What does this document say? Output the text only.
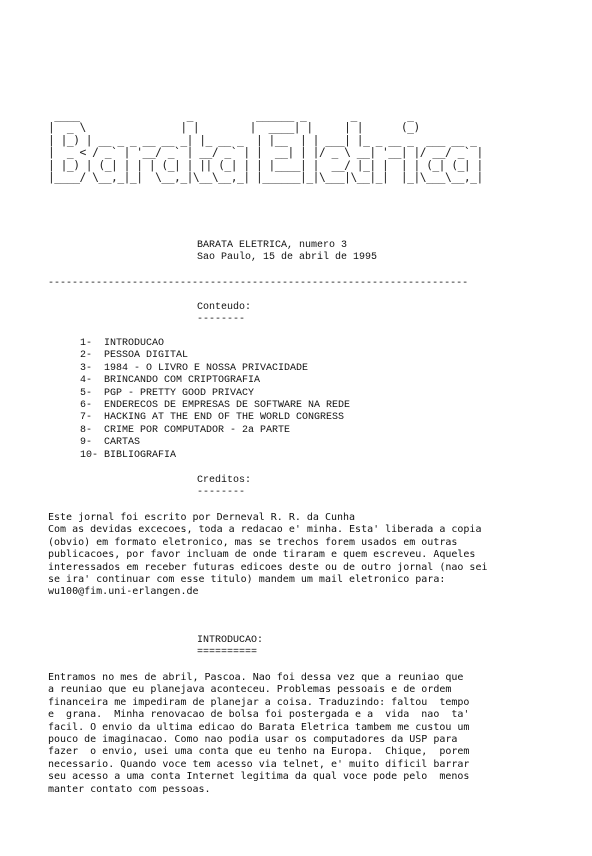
____                 _          ______ _       _        _
|  _ \               | |        |  ____| |     | |      (_)
| |_) | __ _ _ __ __ _| |_ __ _  | |__  | | ___| |_ _ __ _  ___ __ _
|  _ < / _` | '__/ _` | __/ _` | |  __| | |/ _ \ __| '__| |/ __/ _` |
| |_) | (_| | | | (_| | || (_| | | |____| |  __/ |_| |  | | (_| (_| |
|____/ \__,_|_|  \__,_|\__\__,_| |______|_|\___|\__|_|  |_|\___\__,_|
BARATA ELETRICA, numero 3
Sao Paulo, 15 de abril de 1995
----------------------------------------------------------------------
Conteudo:
--------
1-	INTRODUCAO
2-	PESSOA DIGITAL
3-	1984 - O LIVRO E NOSSA PRIVACIDADE
4-	BRINCANDO COM CRIPTOGRAFIA
5-	PGP - PRETTY GOOD PRIVACY
6-	ENDERECOS DE EMPRESAS DE SOFTWARE NA REDE
7-	HACKING AT THE END OF THE WORLD CONGRESS
8-	CRIME POR COMPUTADOR - 2a PARTE
9-	CARTAS
10- BIBLIOGRAFIA
Creditos:
--------
Este jornal foi escrito por Derneval R. R. da Cunha
Com as devidas excecoes, toda a redacao e' minha. Esta' liberada a copia
(obvio) em formato eletronico, mas se trechos forem usados em outras
publicacoes, por favor incluam de onde tiraram e quem escreveu. Aqueles
interessados em receber futuras edicoes deste ou de outro jornal (nao sei
se ira' continuar com esse titulo) mandem um mail eletronico para:
wu100@fim.uni-erlangen.de
INTRODUCAO:
==========
Entramos no mes de abril, Pascoa. Nao foi dessa vez que a reuniao que
a reuniao que eu planejava aconteceu. Problemas pessoais e de ordem
financeira me impediram de planejar a coisa. Traduzindo: faltou  tempo
e  grana.  Minha renovacao de bolsa foi postergada e a  vida  nao  ta'
facil. O envio da ultima edicao do Barata Eletrica tambem me custou um
pouco de imaginacao. Como nao podia usar os computadores da USP para
fazer  o envio, usei uma conta que eu tenho na Europa.  Chique,  porem
necessario. Quando voce tem acesso via telnet, e' muito dificil barrar
seu acesso a uma conta Internet legitima da qual voce pode pelo  menos
manter contato com pessoas.
